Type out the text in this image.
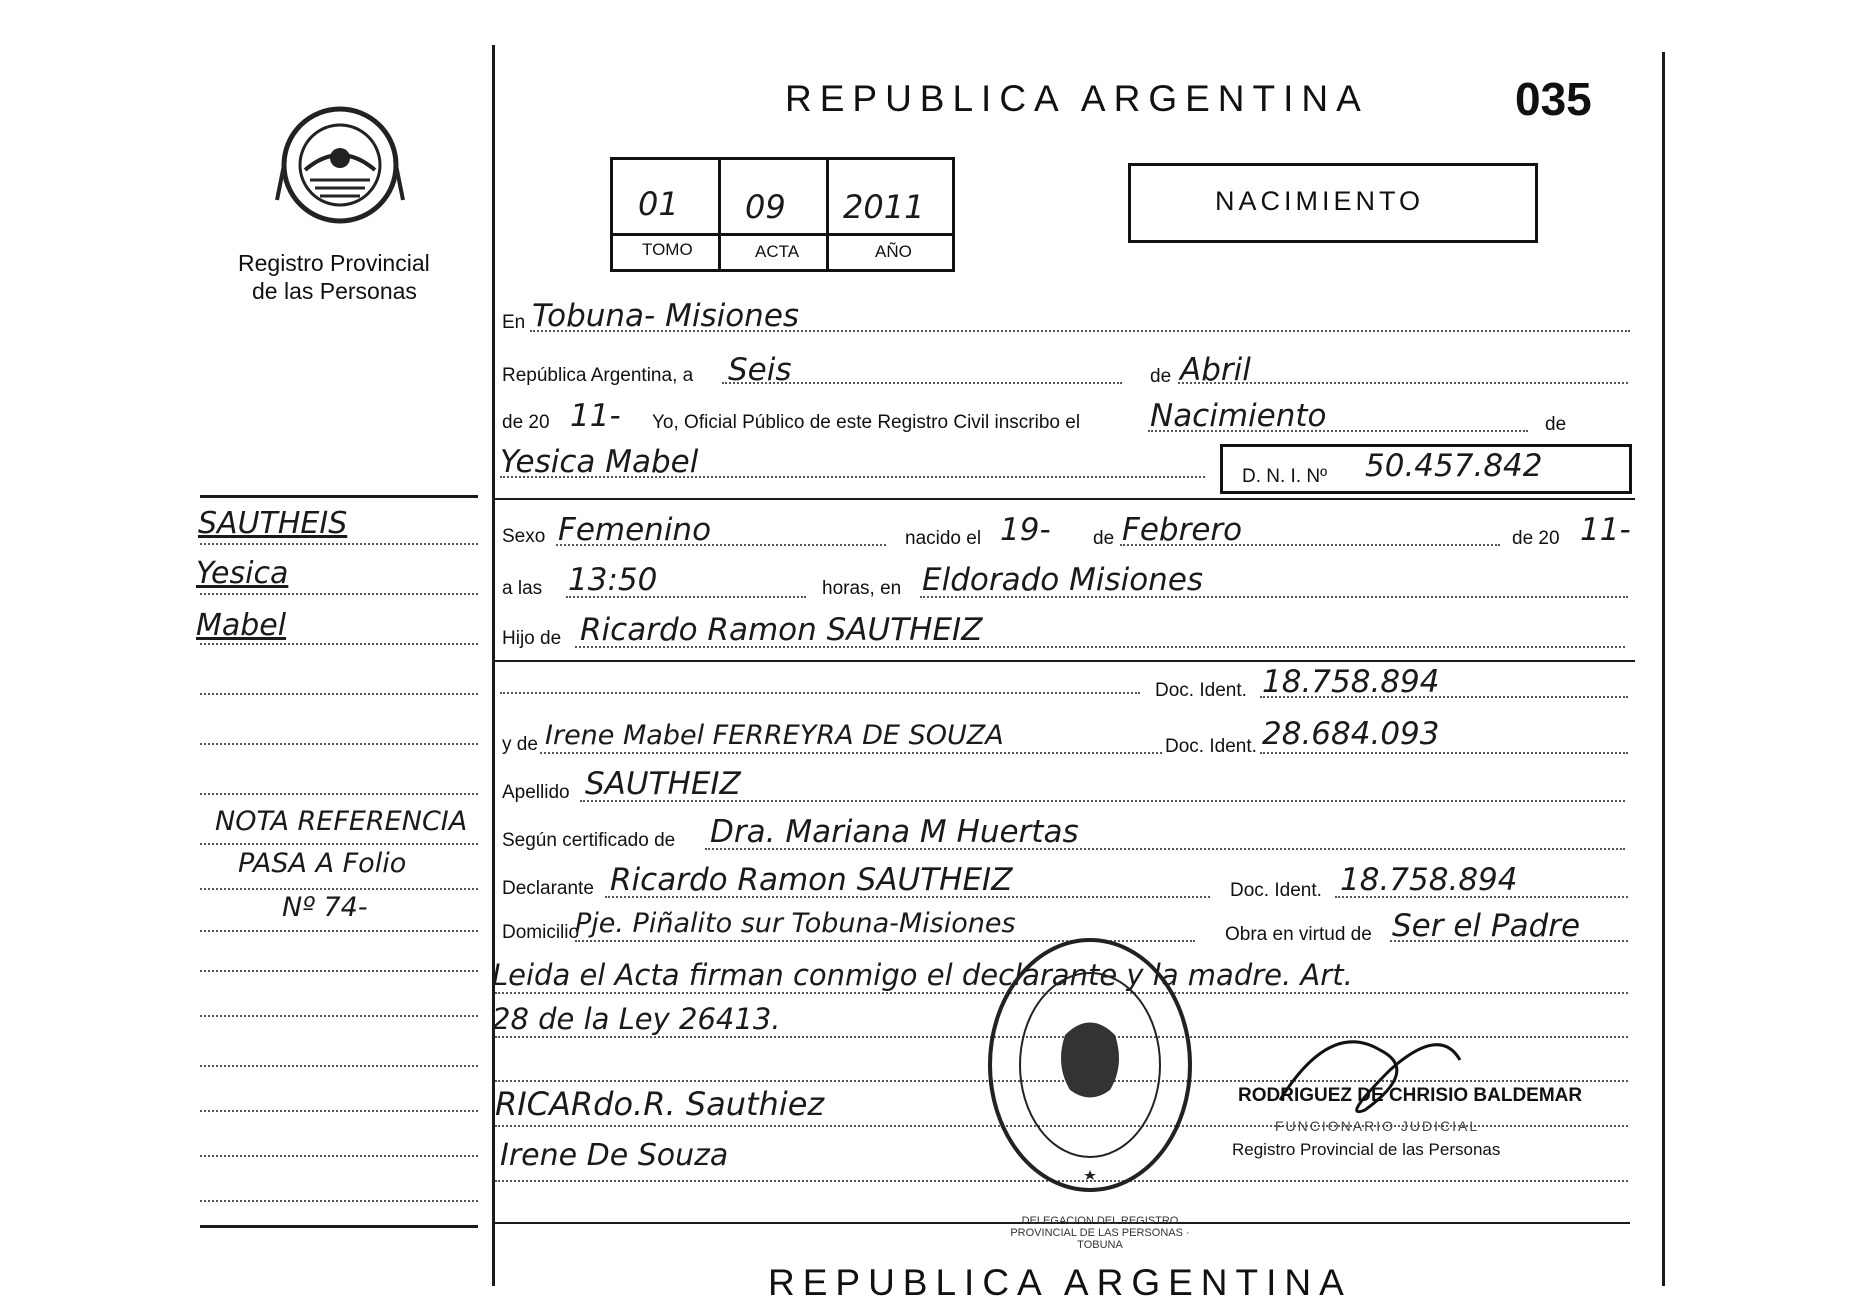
REPUBLICA ARGENTINA	035
Registro Provincial
de las Personas
01 09 2011
TOMO	ACTA	AÑO
NACIMIENTO
SAUTHEIS
Yesica
Mabel
NOTA REFERENCIA
PASA A Folio
Nº 74-
En Tobuna- Misiones
República Argentina, a Seis	de Abril
de 20 11- Yo, Oficial Público de este Registro Civil inscribo el Nacimiento	de
Yesica Mabel	D. N. I. Nº 50.457.842
Sexo Femenino	nacido el 19- de Febrero	de 20 11-
a las 13:50	horas, en Eldorado Misiones
Hijo de Ricardo Ramon SAUTHEIZ
Doc. Ident. 18.758.894
y de Irene Mabel FERREYRA DE SOUZA	Doc. Ident. 28.684.093
Apellido SAUTHEIZ
Según certificado de Dra. Mariana M Huertas
Declarante Ricardo Ramon SAUTHEIZ	Doc. Ident. 18.758.894
Domicilio
Pje. Piñalito sur Tobuna-Misiones	Obra en virtud de Ser el Padre
Leida el Acta firman conmigo el declarante y la madre. Art.
28 de la Ley 26413.
RICARdo.R. Sauthiez
Irene De Souza
DELEGACION DEL REGISTRO PROVINCIAL DE LAS PERSONAS · TOBUNA
RODRIGUEZ DE CHRISIO BALDEMAR
FUNCIONARIO JUDICIAL
Registro Provincial de las Personas
REPUBLICA ARGENTINA
